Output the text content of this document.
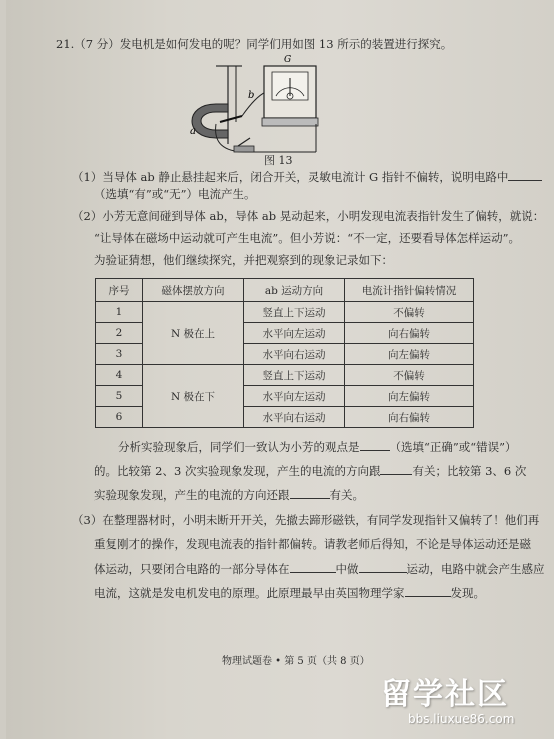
21.（7 分）发电机是如何发电的呢？同学们用如图 13 所示的装置进行探究。
G
b
a
图 13
（1）当导体 ab 静止悬挂起来后，闭合开关，灵敏电流计 G 指针不偏转，说明电路中
（选填“有”或“无”）电流产生。
（2）小芳无意间碰到导体 ab，导体 ab 晃动起来，小明发现电流表指针发生了偏转，就说：
“让导体在磁场中运动就可产生电流”。但小芳说：“不一定，还要看导体怎样运动”。
为验证猜想，他们继续探究，并把观察到的现象记录如下：
序号	磁体摆放方向	ab 运动方向	电流计指针偏转情况
1	N 极在上	竖直上下运动	不偏转
2		水平向左运动	向右偏转
3		水平向右运动	向左偏转
4	N 极在下	竖直上下运动	不偏转
5		水平向左运动	向左偏转
6		水平向右运动	向右偏转
分析实验现象后，同学们一致认为小芳的观点是	（选填“正确”或“错误”）
的。比较第 2、3 次实验现象发现，产生的电流的方向跟	有关；比较第 3、6 次
实验现象发现，产生的电流的方向还跟	有关。
（3）在整理器材时，小明未断开开关，先撤去蹄形磁铁，有同学发现指针又偏转了！他们再
重复刚才的操作，发现电流表的指针都偏转。请教老师后得知，不论是导体运动还是磁
体运动，只要闭合电路的一部分导体在	中做	运动，电路中就会产生感应
电流，这就是发电机发电的原理。此原理最早由英国物理学家	发现。
物理试题卷 • 第 5 页（共 8 页）
留学社区
bbs.liuxue86.com
